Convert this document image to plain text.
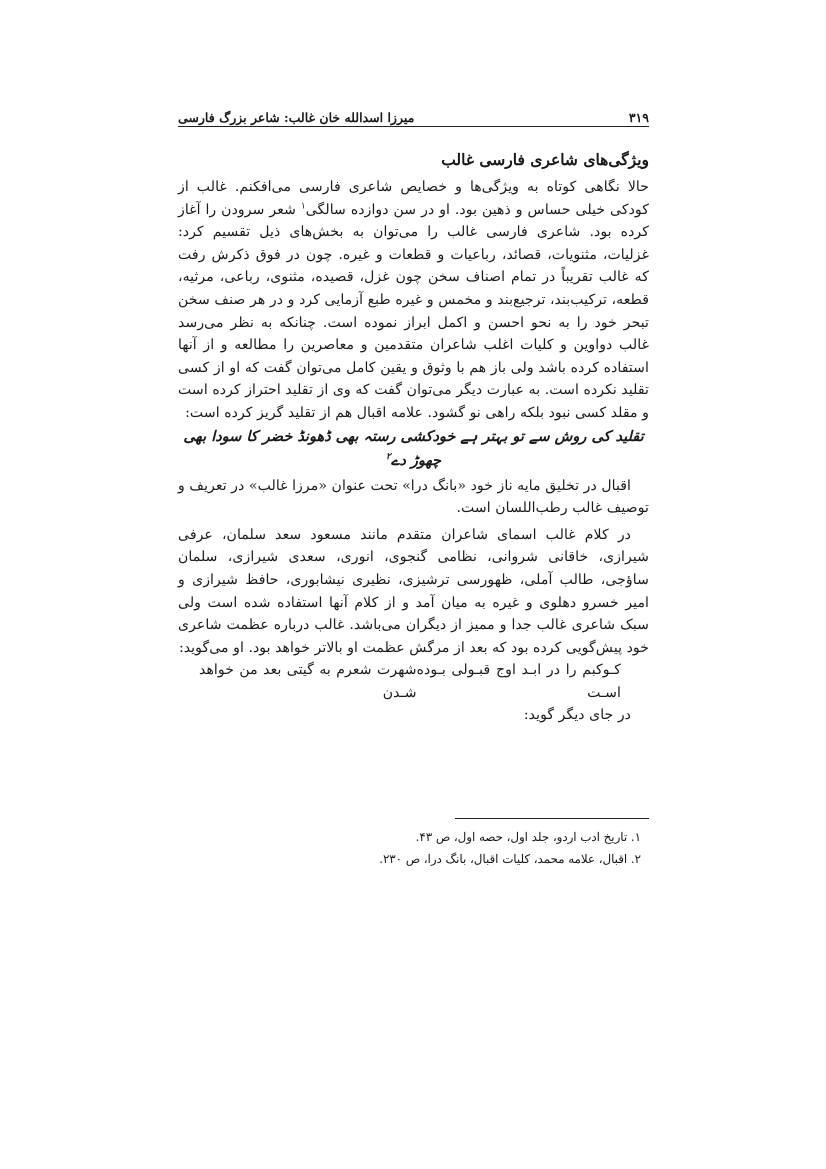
۳۱۹
میرزا اسدالله خان غالب: شاعر بزرگ فارسی
ویژگی‌های شاعری فارسی غالب

حالا نگاهی کوتاه به ویژگی‌ها و خصایص شاعری فارسی می‌افکنم. غالب از کودکی خیلی حساس و ذهین بود. او در سن دوازده سالگی$^۱$ شعر سرودن را آغاز کرده بود. شاعری فارسی غالب را می‌توان به بخش‌های ذیل تقسیم کرد: غزلیات، مثنویات، قصائد، رباعیات و قطعات و غیره. چون در فوق ذکرش رفت که غالب تقریباً در تمام اصناف سخن چون غزل، قصیده، مثنوی، رباعی، مرثیه، قطعه، ترکیب‌بند، ترجیع‌بند و مخمس و غیره طبع آزمایی کرد و در هر صنف سخن تبحر خود را به نحو احسن و اکمل ابراز نموده است. چنانکه به نظر می‌رسد غالب دواوین و کلیات اغلب شاعران متقدمین و معاصرین را مطالعه و از آنها استفاده کرده باشد ولی باز هم با وثوق و یقین کامل می‌توان گفت که او از کسی تقلید نکرده است. به عبارت دیگر می‌توان گفت که وی از تقلید احتراز کرده است و مقلد کسی نبود بلکه راهی نو گشود. علامه اقبال هم از تقلید گریز کرده است:

تقلید کی روش سے تو بہتر ہے خودکشی رستہ بھی ڈھونڈ خضر کا سودا بھی چھوڑ دے$^۲$

اقبال در تخلیق مایه ناز خود «بانگ درا» تحت عنوان «مرزا غالب» در تعریف و توصیف غالب رطب‌اللسان است.

در کلام غالب اسمای شاعران متقدم مانند مسعود سعد سلمان، عرفی شیرازی، خاقانی شروانی، نظامی گنجوی، انوری، سعدی شیرازی، سلمان ساؤجی، طالب آملی، ظهورسی ترشیزی، نظیری نیشابوری، حافظ شیرازی و امیر خسرو دهلوی و غیره به میان آمد و از کلام آنها استفاده شده است ولی سبک شاعری غالب جدا و ممیز از دیگران می‌باشد. غالب درباره عظمت شاعری خود پیش‌گویی کرده بود که بعد از مرگش عظمت او بالاتر خواهد بود. او می‌گوید:

کـوکبم را در ابـد اوج قبـولی بـوده اسـت
شهرت شعرم به گیتی بعد من خواهد شـدن

در جای دیگر گوید:

۱. تاریخ ادب اردو، جلد اول، حصه اول، ص ۴۳.
۲. اقبال، علامه محمد، کلیات اقبال، بانگ درا، ص ۲۳۰.
